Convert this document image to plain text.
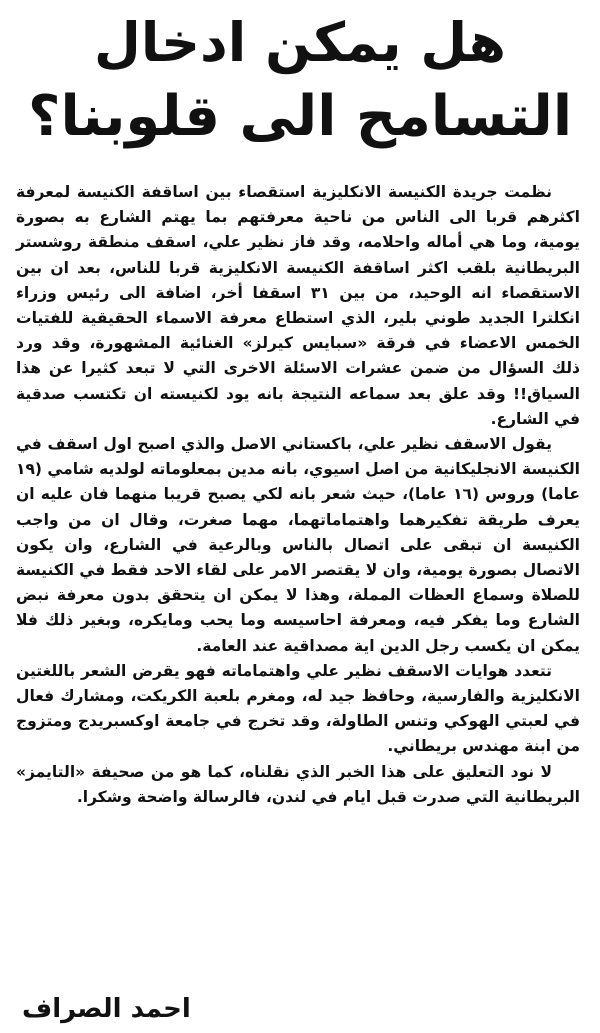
هل يمكن ادخال
التسامح الى قلوبنا؟

نظمت جريدة الكنيسة الانكليزية استقصاء بين اساقفة الكنيسة لمعرفة اكثرهم قربا الى الناس من ناحية معرفتهم بما يهتم الشارع به بصورة يومية، وما هي أماله واحلامه، وقد فاز نظير علي، اسقف منطقة روشستر البريطانية بلقب اكثر اساقفة الكنيسة الانكليزية قربا للناس، بعد ان بين الاستقصاء انه الوحيد، من بين ٣١ اسقفا أخر، اضافة الى رئيس وزراء انكلترا الجديد طوني بلير، الذي استطاع معرفة الاسماء الحقيقية للفتيات الخمس الاعضاء في فرقة «سبايس كيرلز» الغنائية المشهورة، وقد ورد ذلك السؤال من ضمن عشرات الاسئلة الاخرى التي لا تبعد كثيرا عن هذا السياق!! وقد علق بعد سماعه النتيجة بانه يود لكنيسته ان تكتسب صدقية في الشارع.

يقول الاسقف نظير علي، باكستاني الاصل والذي اصبح اول اسقف في الكنيسة الانجليكانية من اصل اسيوي، بانه مدين بمعلوماته لولديه شامي (١٩ عاما) وروس (١٦ عاما)، حيث شعر بانه لكي يصبح قريبا منهما فان عليه ان يعرف طريقة تفكيرهما واهتماماتهما، مهما صغرت، وقال ان من واجب الكنيسة ان تبقى على اتصال بالناس وبالرعية في الشارع، وان يكون الاتصال بصورة يومية، وان لا يقتصر الامر على لقاء الاحد فقط في الكنيسة للصلاة وسماع العظات المملة، وهذا لا يمكن ان يتحقق بدون معرفة نبض الشارع وما يفكر فيه، ومعرفة احاسيسه وما يحب ومايكره، وبغير ذلك فلا يمكن ان يكسب رجل الدين اية مصداقية عند العامة.

تتعدد هوايات الاسقف نظير علي واهتماماته فهو يقرض الشعر باللغتين الانكليزية والفارسية، وحافظ جيد له، ومغرم بلعبة الكريكت، ومشارك فعال في لعبتي الهوكي وتنس الطاولة، وقد تخرج في جامعة اوكسبريدج ومتزوج من ابنة مهندس بريطاني.

لا نود التعليق على هذا الخبر الذي نقلناه، كما هو من صحيفة «التايمز» البريطانية التي صدرت قبل ايام في لندن، فالرسالة واضحة وشكرا.

احمد الصراف
